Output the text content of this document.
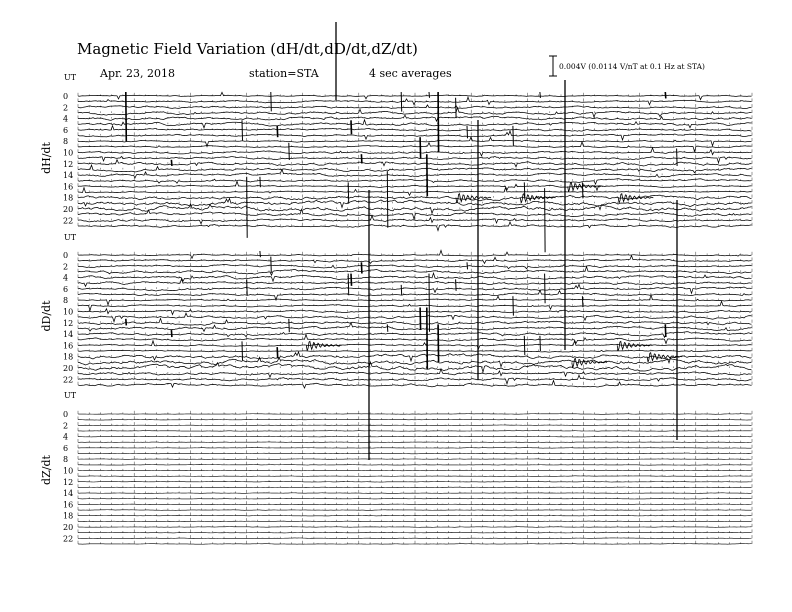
Magnetic Field Variation (dH/dt,dD/dt,dZ/dt)
Apr. 23, 2018	station=STA	4 sec averages
0.004V (0.0114 V/nT at 0.1 Hz at STA)
UT
dH/dt
0
2
4
6
8
10
12
14
16
18
20
22
UT
dD/dt
0
2
4
6
8
10
12
14
16
18
20
22
UT
dZ/dt
0
2
4
6
8
10
12
14
16
18
20
22
